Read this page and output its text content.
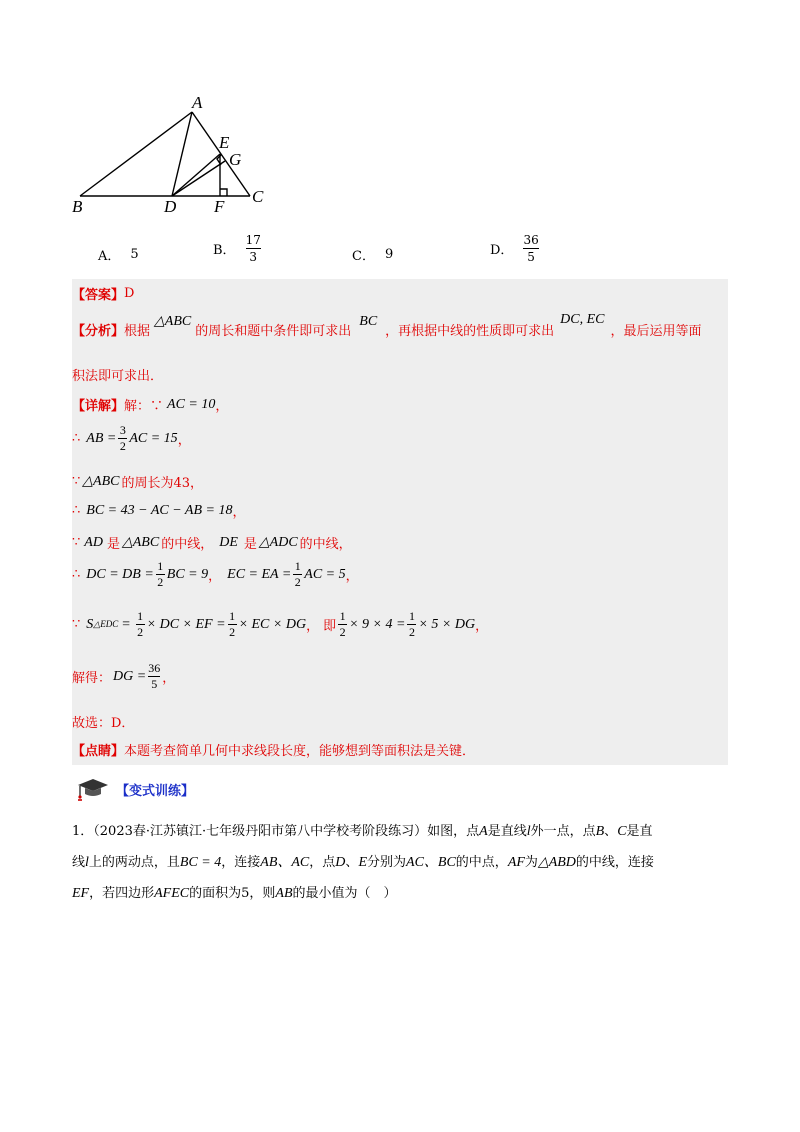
A
B
C
D
E
F
G
A． 5	B． $\frac{17}{3}$	C． 9	D． $\frac{36}{5}$
【答案】 D
【分析】 根据
△ABC
的周长和题中条件即可求出
BC
，再根据中线的性质即可求出
DC, EC
，最后运用等面
积法即可求出．
【详解】 解：∵ AC = 10 ，
∴ AB =
3
2
AC = 15 ，
∵ △ABC 的周长为43，
∴ BC = 43 − AC − AB = 18 ，
∵ AD 是 △ABC 的中线， DE 是 △ADC 的中线，
∴ DC = DB =
1
2
BC = 9 ， EC = EA =
1
2
AC = 5 ，
∵ S △EDC =
1
2
× DC × EF =
1
2
× EC × DG ， 即
1
2
× 9 × 4 =
1
2
× 5 × DG ，
解得： DG =
36
5 ，
故选：D．
【点睛】 本题考查简单几何中求线段长度，能够想到等面积法是关键．
【变式训练】
1．（2023春·江苏镇江·七年级丹阳市第八中学校考阶段练习）如图，点A是直线l外一点，点B、C是直
线l上的两动点，且BC = 4，连接AB、AC，点D、E分别为AC、BC的中点，AF为△ABD的中线，连接
EF，若四边形AFEC的面积为5，则AB的最小值为（　）
